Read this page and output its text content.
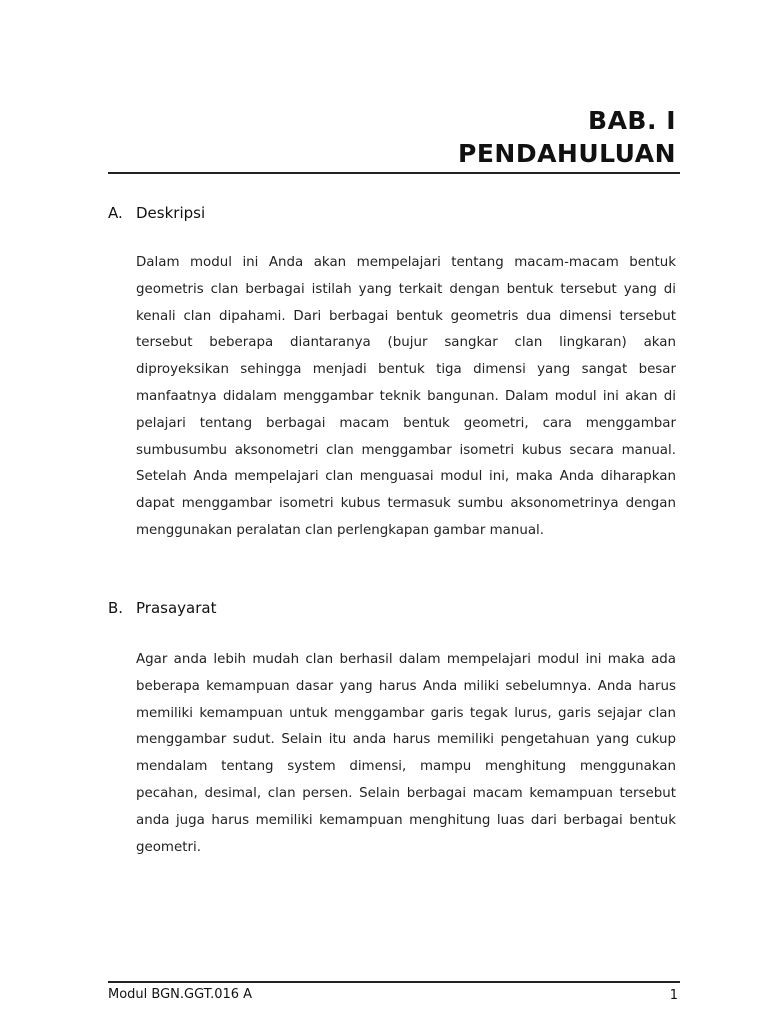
BAB. I
PENDAHULUAN
A. Deskripsi

Dalam modul ini Anda akan mempelajari tentang macam-macam bentuk geometris clan berbagai istilah yang terkait dengan bentuk tersebut yang di kenali clan dipahami. Dari berbagai bentuk geometris dua dimensi tersebut tersebut beberapa diantaranya (bujur sangkar clan lingkaran) akan diproyeksikan sehingga menjadi bentuk tiga dimensi yang sangat besar manfaatnya didalam menggambar teknik bangunan. Dalam modul ini akan di pelajari tentang berbagai macam bentuk geometri, cara menggambar sumbusumbu aksonometri clan menggambar isometri kubus secara manual. Setelah Anda mempelajari clan menguasai modul ini, maka Anda diharapkan dapat menggambar isometri kubus termasuk sumbu aksonometrinya dengan menggunakan peralatan clan perlengkapan gambar manual.

B. Prasayarat

Agar anda lebih mudah clan berhasil dalam mempelajari modul ini maka ada beberapa kemampuan dasar yang harus Anda miliki sebelumnya. Anda harus memiliki kemampuan untuk menggambar garis tegak lurus, garis sejajar clan menggambar sudut. Selain itu anda harus memiliki pengetahuan yang cukup mendalam tentang system dimensi, mampu menghitung menggunakan pecahan, desimal, clan persen. Selain berbagai macam kemampuan tersebut anda juga harus memiliki kemampuan menghitung luas dari berbagai bentuk geometri.

Modul BGN.GGT.016 A	1
